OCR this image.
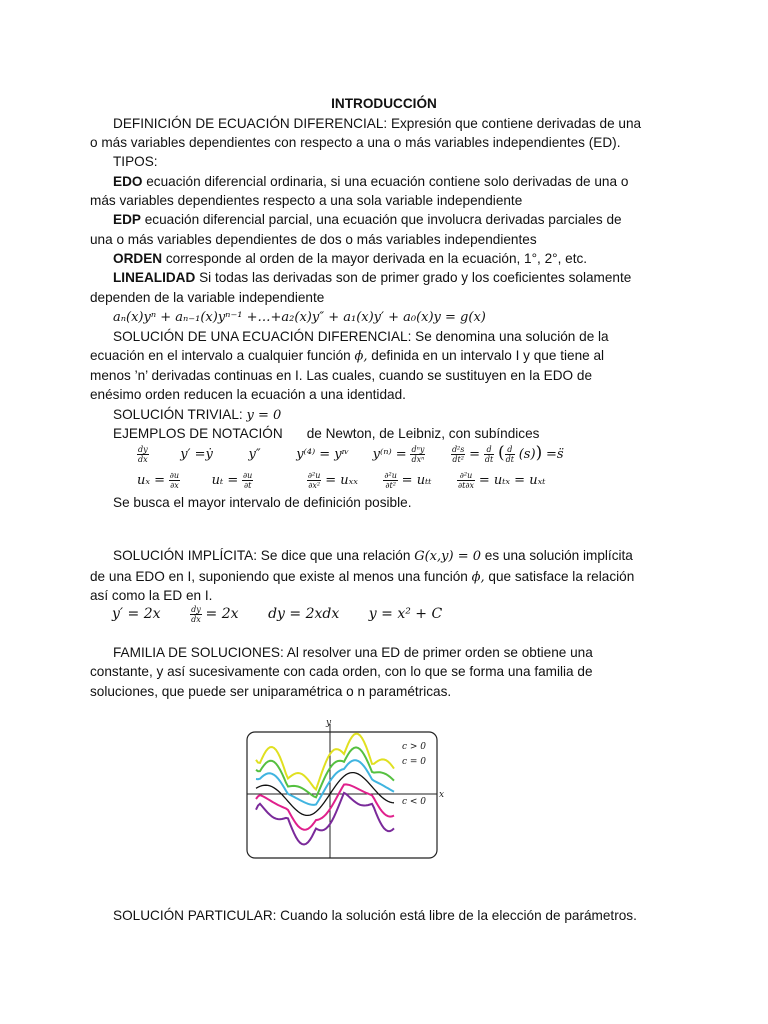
INTRODUCCIÓN
DEFINICIÓN DE ECUACIÓN DIFERENCIAL: Expresión que contiene derivadas de una
o más variables dependientes con respecto a una o más variables independientes (ED).
TIPOS:
EDO ecuación diferencial ordinaria, si una ecuación contiene solo derivadas de una o
más variables dependientes respecto a una sola variable independiente
EDP ecuación diferencial parcial, una ecuación que involucra derivadas parciales de
una o más variables dependientes de dos o más variables independientes
ORDEN corresponde al orden de la mayor derivada en la ecuación, 1°, 2°, etc.
LINEALIDAD Si todas las derivadas son de primer grado y los coeficientes solamente
dependen de la variable independiente
aₙ(x)yⁿ + aₙ₋₁(x)yⁿ⁻¹ +…+a₂(x)y″ + a₁(x)y′ + a₀(x)y = g(x)
SOLUCIÓN DE UNA ECUACIÓN DIFERENCIAL: Se denomina una solución de la
ecuación en el intervalo a cualquier función ϕ, definida en un intervalo I y que tiene al
menos ’n’ derivadas continuas en I. Las cuales, cuando se sustituyen en la EDO de
enésimo orden reducen la ecuación a una identidad.
SOLUCIÓN TRIVIAL: y = 0
EJEMPLOS DE NOTACIÓN de Newton, de Leibniz, con subíndices
$\frac{dy}{dx} y'$ =ẏ	y″	y⁽⁴⁾ = yᶦᵛ y⁽ⁿ⁾ = dⁿy
dxⁿ
	$\frac{\text{d²s}}{\text{dt²}} = \frac{d}{dt}$ ( $\frac{d}{dt} (s)$) =s̈
$u_x = \frac{\partial u}{\partial x}$ $u_t = \frac{\partial u}{\partial t}$
	$\frac{\text{∂²u}}{\text{∂x²}} = u_{xx}$	$\frac{\text{∂²u}}{\text{∂t²}} = u_{tt}$	$\frac{\text{∂²u}}{\partial t\partial x} = u_{tx} = u_{xt}$
Se busca el mayor intervalo de definición posible.
SOLUCIÓN IMPLÍCITA: Se dice que una relación G(x,y) = 0 es una solución implícita
de una EDO en I, suponiendo que existe al menos una función ϕ, que satisface la relación
así como la ED en I.
y′ = 2x	$\frac{dy}{dx} = 2x$ dy = 2xdx y = x² + C
FAMILIA DE SOLUCIONES: Al resolver una ED de primer orden se obtiene una
constante, y así sucesivamente con cada orden, con lo que se forma una familia de
soluciones, que puede ser uniparamétrica o n paramétricas.
y
x
c > 0
c = 0
c < 0
SOLUCIÓN PARTICULAR: Cuando la solución está libre de la elección de parámetros.
